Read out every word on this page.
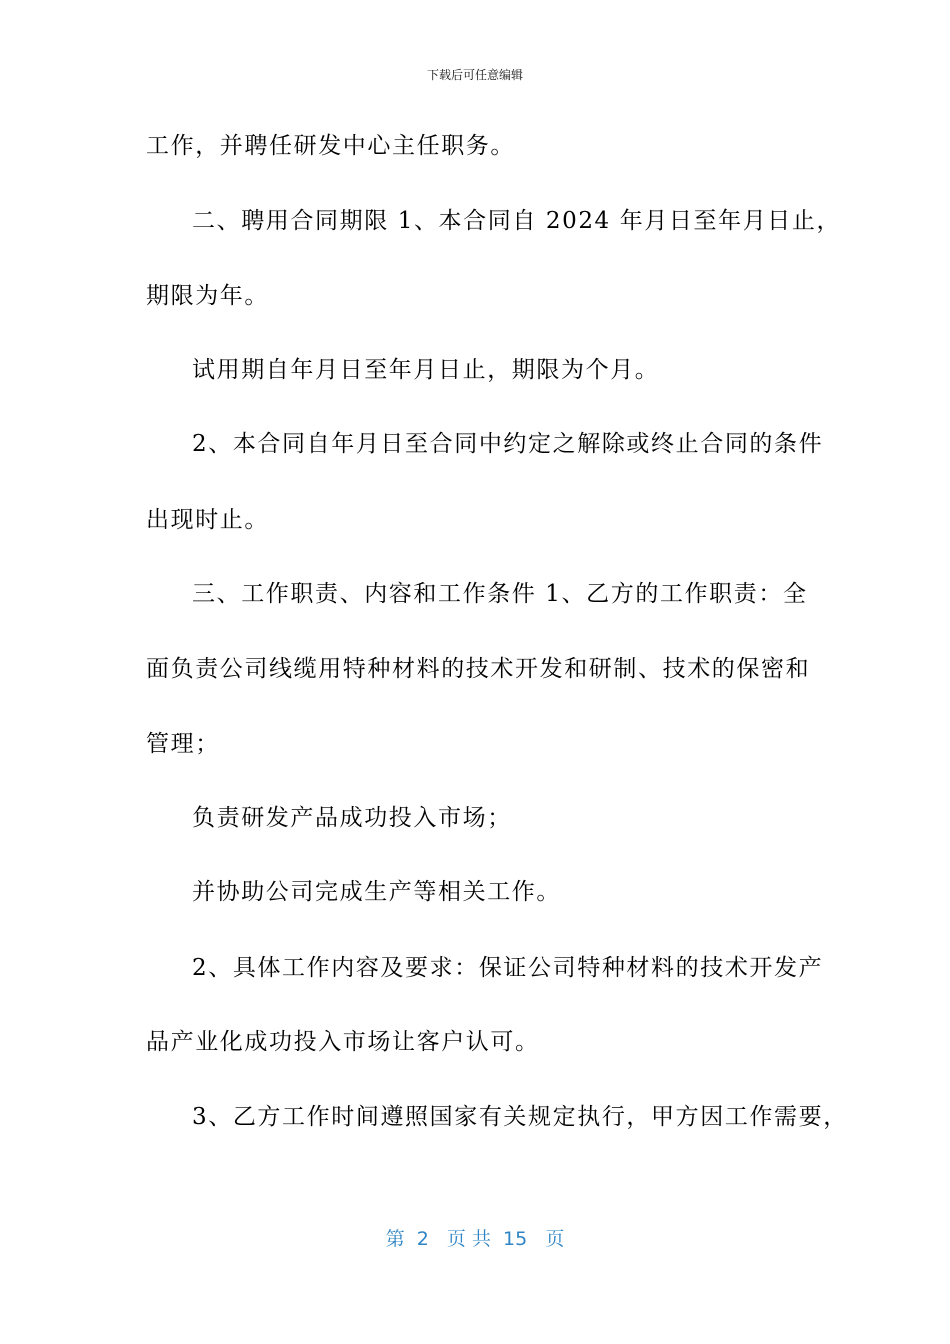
下载后可任意编辑
工作，并聘任研发中心主任职务。
二、聘用合同期限 1、本合同自 2024 年月日至年月日止，
期限为年。
试用期自年月日至年月日止，期限为个月。
2、本合同自年月日至合同中约定之解除或终止合同的条件
出现时止。
三、工作职责、内容和工作条件 1、乙方的工作职责：全
面负责公司线缆用特种材料的技术开发和研制、技术的保密和
管理；
负责研发产品成功投入市场；
并协助公司完成生产等相关工作。
2、具体工作内容及要求：保证公司特种材料的技术开发产
品产业化成功投入市场让客户认可。
3、乙方工作时间遵照国家有关规定执行，甲方因工作需要，
第  2   页 共  15   页
